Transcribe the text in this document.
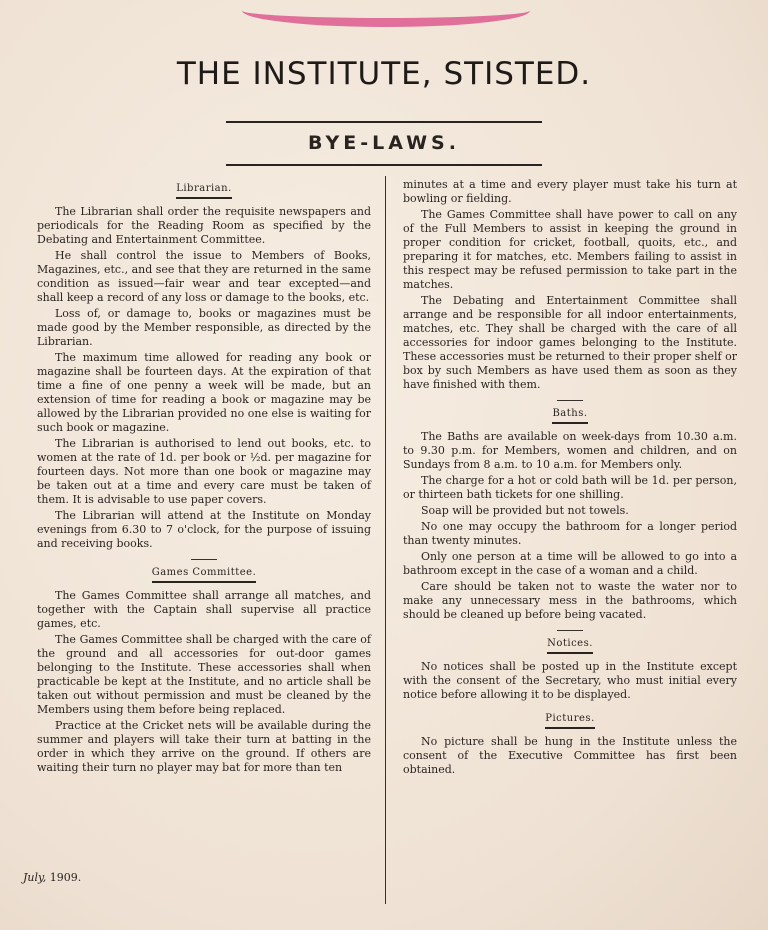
THE INSTITUTE, STISTED.
BYE-LAWS.
Librarian.

The Librarian shall order the requisite newspapers and periodicals for the Reading Room as specified by the Debating and Entertainment Committee.

He shall control the issue to Members of Books, Magazines, etc., and see that they are returned in the same condition as issued—fair wear and tear excepted—and shall keep a record of any loss or damage to the books, etc.

Loss of, or damage to, books or magazines must be made good by the Member responsible, as directed by the Librarian.

The maximum time allowed for reading any book or magazine shall be fourteen days. At the expiration of that time a fine of one penny a week will be made, but an extension of time for reading a book or magazine may be allowed by the Librarian provided no one else is waiting for such book or magazine.

The Librarian is authorised to lend out books, etc. to women at the rate of 1d. per book or ½d. per magazine for fourteen days. Not more than one book or magazine may be taken out at a time and every care must be taken of them. It is advisable to use paper covers.

The Librarian will attend at the Institute on Monday evenings from 6.30 to 7 o'clock, for the purpose of issuing and receiving books.

Games Committee.

The Games Committee shall arrange all matches, and together with the Captain shall supervise all practice games, etc.

The Games Committee shall be charged with the care of the ground and all accessories for out-door games belonging to the Institute. These accessories shall when practicable be kept at the Institute, and no article shall be taken out without permission and must be cleaned by the Members using them before being replaced.

Practice at the Cricket nets will be available during the summer and players will take their turn at batting in the order in which they arrive on the ground. If others are waiting their turn no player may bat for more than ten

minutes at a time and every player must take his turn at bowling or fielding.

The Games Committee shall have power to call on any of the Full Members to assist in keeping the ground in proper condition for cricket, football, quoits, etc., and preparing it for matches, etc. Members failing to assist in this respect may be refused permission to take part in the matches.

The Debating and Entertainment Committee shall arrange and be responsible for all indoor entertainments, matches, etc. They shall be charged with the care of all accessories for indoor games belonging to the Institute. These accessories must be returned to their proper shelf or box by such Members as have used them as soon as they have finished with them.

Baths.

The Baths are available on week-days from 10.30 a.m. to 9.30 p.m. for Members, women and children, and on Sundays from 8 a.m. to 10 a.m. for Members only.

The charge for a hot or cold bath will be 1d. per person, or thirteen bath tickets for one shilling.

Soap will be provided but not towels.

No one may occupy the bathroom for a longer period than twenty minutes.

Only one person at a time will be allowed to go into a bathroom except in the case of a woman and a child.

Care should be taken not to waste the water nor to make any unnecessary mess in the bathrooms, which should be cleaned up before being vacated.

Notices.

No notices shall be posted up in the Institute except with the consent of the Secretary, who must initial every notice before allowing it to be displayed.

Pictures.

No picture shall be hung in the Institute unless the consent of the Executive Committee has first been obtained.

July, 1909.
